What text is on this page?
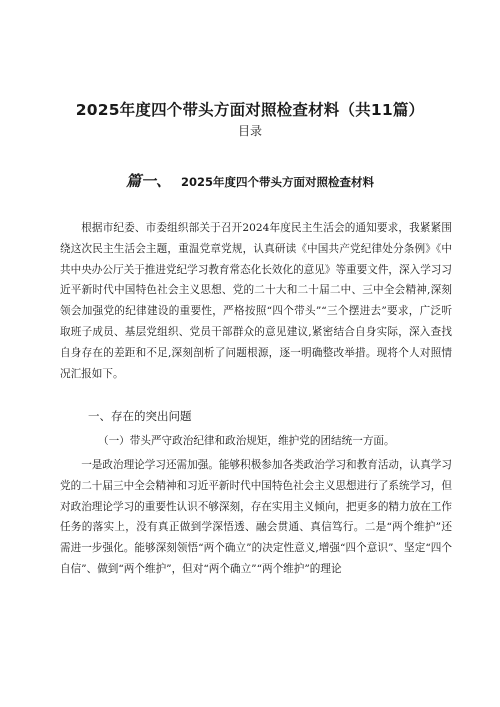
2025年度四个带头方面对照检查材料（共11篇）
目录
篇一、 2025年度四个带头方面对照检查材料

根据市纪委、市委组织部关于召开2024年度民主生活会的通知要求，我紧紧围绕这次民主生活会主题，重温党章党规，认真研读《中国共产党纪律处分条例》《中共中央办公厅关于推进党纪学习教育常态化长效化的意见》等重要文件，深入学习习近平新时代中国特色社会主义思想、党的二十大和二十届二中、三中全会精神,深刻领会加强党的纪律建设的重要性，严格按照“四个带头”“三个摆进去”要求，广泛听取班子成员、基层党组织、党员干部群众的意见建议,紧密结合自身实际，深入查找自身存在的差距和不足,深刻剖析了问题根源，逐一明确整改举措。现将个人对照情况汇报如下。

一、存在的突出问题
（一）带头严守政治纪律和政治规矩，维护党的团结统一方面。

一是政治理论学习还需加强。能够积极参加各类政治学习和教育活动，认真学习党的二十届三中全会精神和习近平新时代中国特色社会主义思想进行了系统学习，但对政治理论学习的重要性认识不够深刻，存在实用主义倾向，把更多的精力放在工作任务的落实上，没有真正做到学深悟透、融会贯通、真信笃行。二是“两个维护”还需进一步强化。能够深刻领悟“两个确立”的决定性意义,增强“四个意识”、坚定“四个自信”、做到“两个维护”，但对“两个确立”“两个维护”的理论
